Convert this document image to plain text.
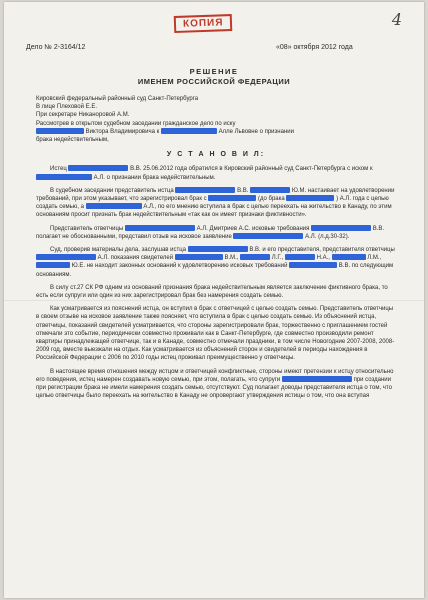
КОПИЯ	4
Дело № 2-3164/12	«08» октября 2012 года
РЕШЕНИЕ
ИМЕНЕМ РОССИЙСКОЙ ФЕДЕРАЦИИ

Кировский федеральный районный суд Санкт-Петербурга

В лице Плеховой Е.Е.

При секретаре Никаноровой А.М.

Рассмотрев в открытом судебном заседании гражданское дело по иску
Виктора Владимировича к	Алле Львовне о признании
брака недействительным,

У С Т А Н О В И Л:

Истец	В.В. 25.06.2012 года обратился в Кировский районный суд Санкт-Петербурга с иском к  А.Л. о признании брака недействительным.

В судебном заседании представитель истца	В.В.	Ю.М. настаивает на удовлетворении требований, при этом указывает, что зарегистрировал брак с	(до брака	) А.Л. года с целью создать семью, а	А.Л., по его мнению вступила в брак с целью переехать на жительство в Канаду, по этим основаниям просит признать брак недействительным «так как он имеет признаки фиктивности».

Представитель ответчицы	А.Л. Дмитриев А.С. исковые требования	В.В. полагает не обоснованными, представил отзыв на исковое заявление	А.Л. (л.д.30-32).

Суд, проверив материалы дела, заслушав истца	В.В. и его представителя, представителя ответчицы  А.Л. показания свидетелей	В.М.,	Л.Г.,	Н.А.,	Л.М.,  Ю.Е. не находит законных оснований к удовлетворению исковых требований	В.В. по следующим основаниям.

В силу ст.27 СК РФ одним из оснований признания брака недействительным является заключение фиктивного брака, то есть если супруги или один из них зарегистрировал брак без намерения создать семью.

Как усматривается из пояснений истца, он вступил в брак с ответчицей с целью создать семью. Представитель ответчицы в своем отзыве на исковое заявление также поясняет, что вступила в брак с целью создать семью. Из объяснений истца, ответчицы, показаний свидетелей усматривается, что стороны зарегистрировали брак, торжественно с приглашением гостей отмечали это событие, периодически совместно проживали как в Санкт-Петербурге, где совместно производили ремонт квартиры принадлежащей ответчице, так и в Канаде, совместно отмечали праздники, в том числе Новогодние 2007-2008, 2008-2009 год, вместе выезжали на отдых. Как усматривается из объяснений сторон и свидетелей в периоды нахождения в Российской Федерации с 2006 по 2010 годы истец проживал преимущественно у ответчицы.

В настоящее время отношения между истцом и ответчицей конфликтные, стороны имеют претензии к истцу относительно его поведения, истец намерен создавать новую семью, при этом, полагать, что супруги	при создании при регистрации брака не имели намерения создать семью, отсутствуют. Суд полагает доводы представителя истца о том, что целью ответчицы было переехать на жительство в Канаду не опровергают утверждения истицы о том, что она вступая
